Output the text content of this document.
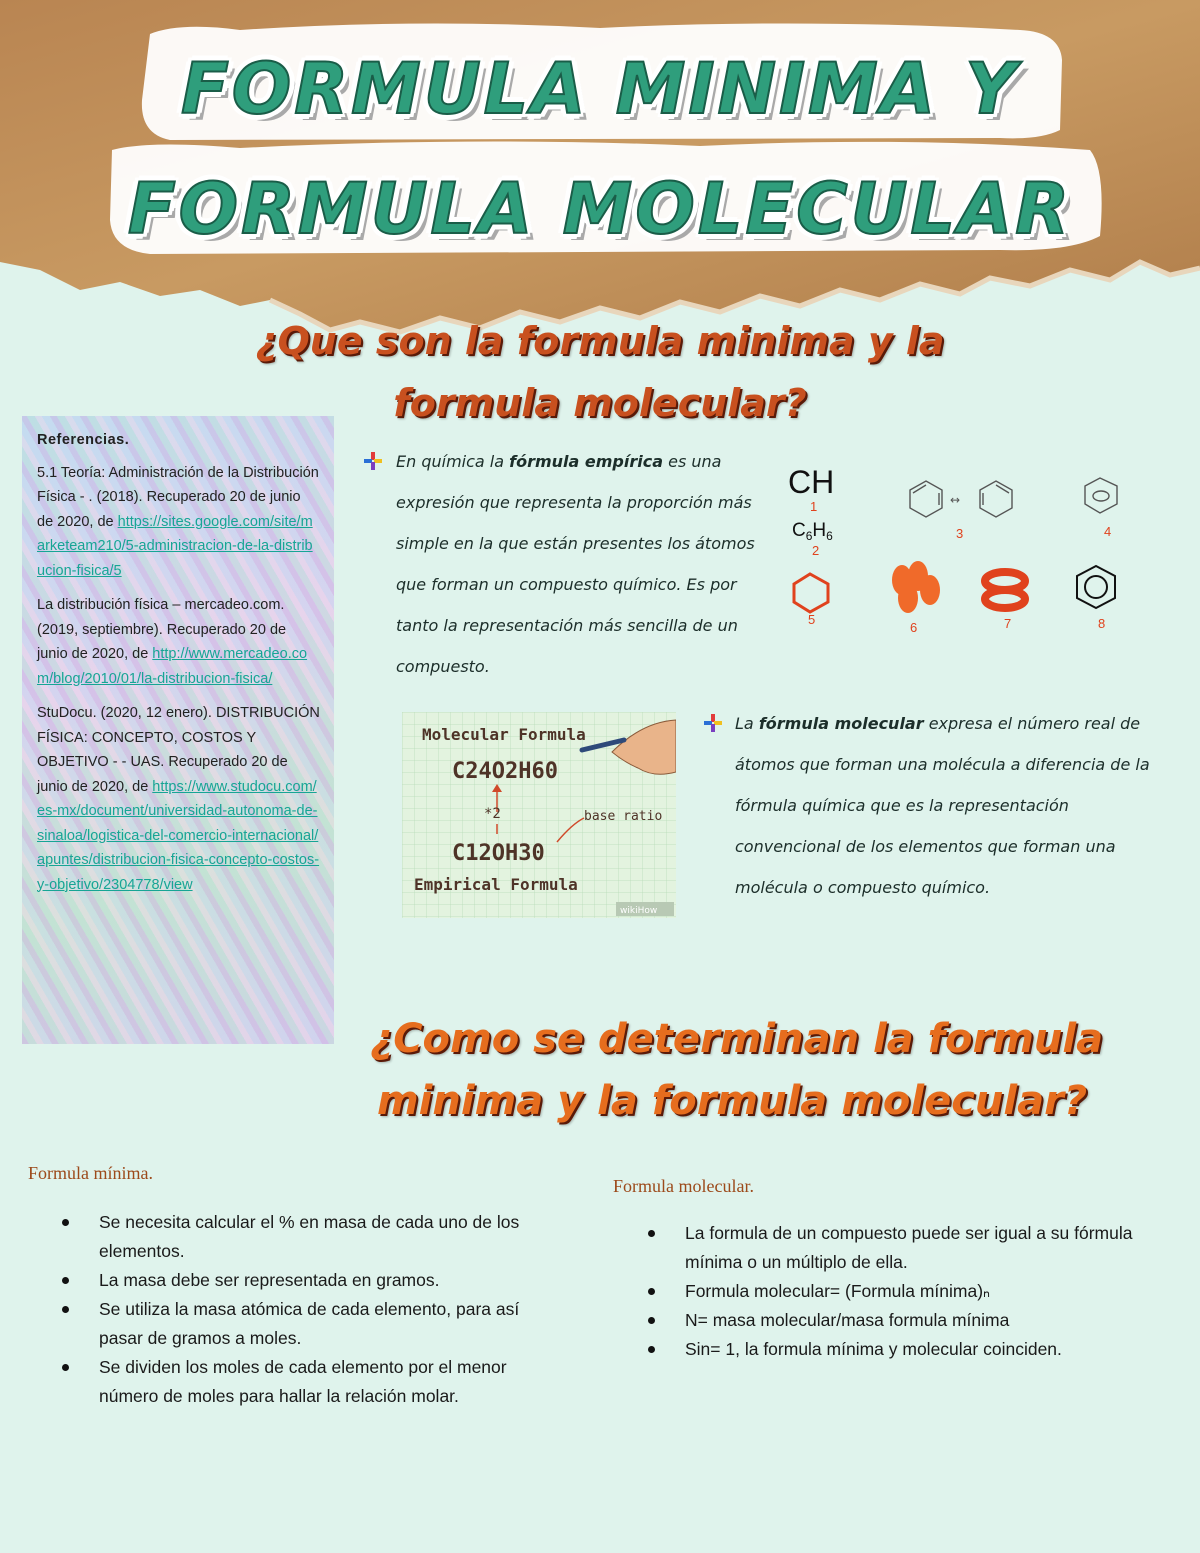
FORMULA MINIMA Y
FORMULA MOLECULAR
¿Que son la formula minima y la
formula molecular?
Referencias.

5.1 Teoría: Administración de la Distribución Física - . (2018). Recuperado 20 de junio de 2020, de https://sites.google.com/site/marketeam210/5-administracion-de-la-distribucion-fisica/5

La distribución física – mercadeo.com. (2019, septiembre). Recuperado 20 de junio de 2020, de http://www.mercadeo.com/blog/2010/01/la-distribucion-fisica/

StuDocu. (2020, 12 enero). DISTRIBUCIÓN FÍSICA: CONCEPTO, COSTOS Y OBJETIVO - - UAS. Recuperado 20 de junio de 2020, de https://www.studocu.com/es-mx/document/universidad-autonoma-de-sinaloa/logistica-del-comercio-internacional/apuntes/distribucion-fisica-concepto-costos-y-objetivo/2304778/view

En química la fórmula empírica es una expresión que representa la proporción más simple en la que están presentes los átomos que forman un compuesto químico. Es por tanto la representación más sencilla de un compuesto.
CH
$C_6H_6$
↔
1
2
3	4
5
6	7	8
Molecular Formula
C24O2H60
*2	base ratio
C12OH30
Empirical Formula
wikiHow
La fórmula molecular expresa el número real de átomos que forman una molécula a diferencia de la fórmula química que es la representación convencional de los elementos que forman una molécula o compuesto químico.
¿Como se determinan la formula
minima y la formula molecular?
Formula mínima.
Se necesita calcular el % en masa de cada uno de los elementos.
La masa debe ser representada en gramos.
Se utiliza la masa atómica de cada elemento, para así pasar de gramos a moles.
Se dividen los moles de cada elemento por el menor número de moles para hallar la relación molar.
Formula molecular.
La formula de un compuesto puede ser igual a su fórmula mínima o un múltiplo de ella.
Formula molecular= (Formula mínima)ₙ
N= masa molecular/masa formula mínima
Sin= 1, la formula mínima y molecular coinciden.
